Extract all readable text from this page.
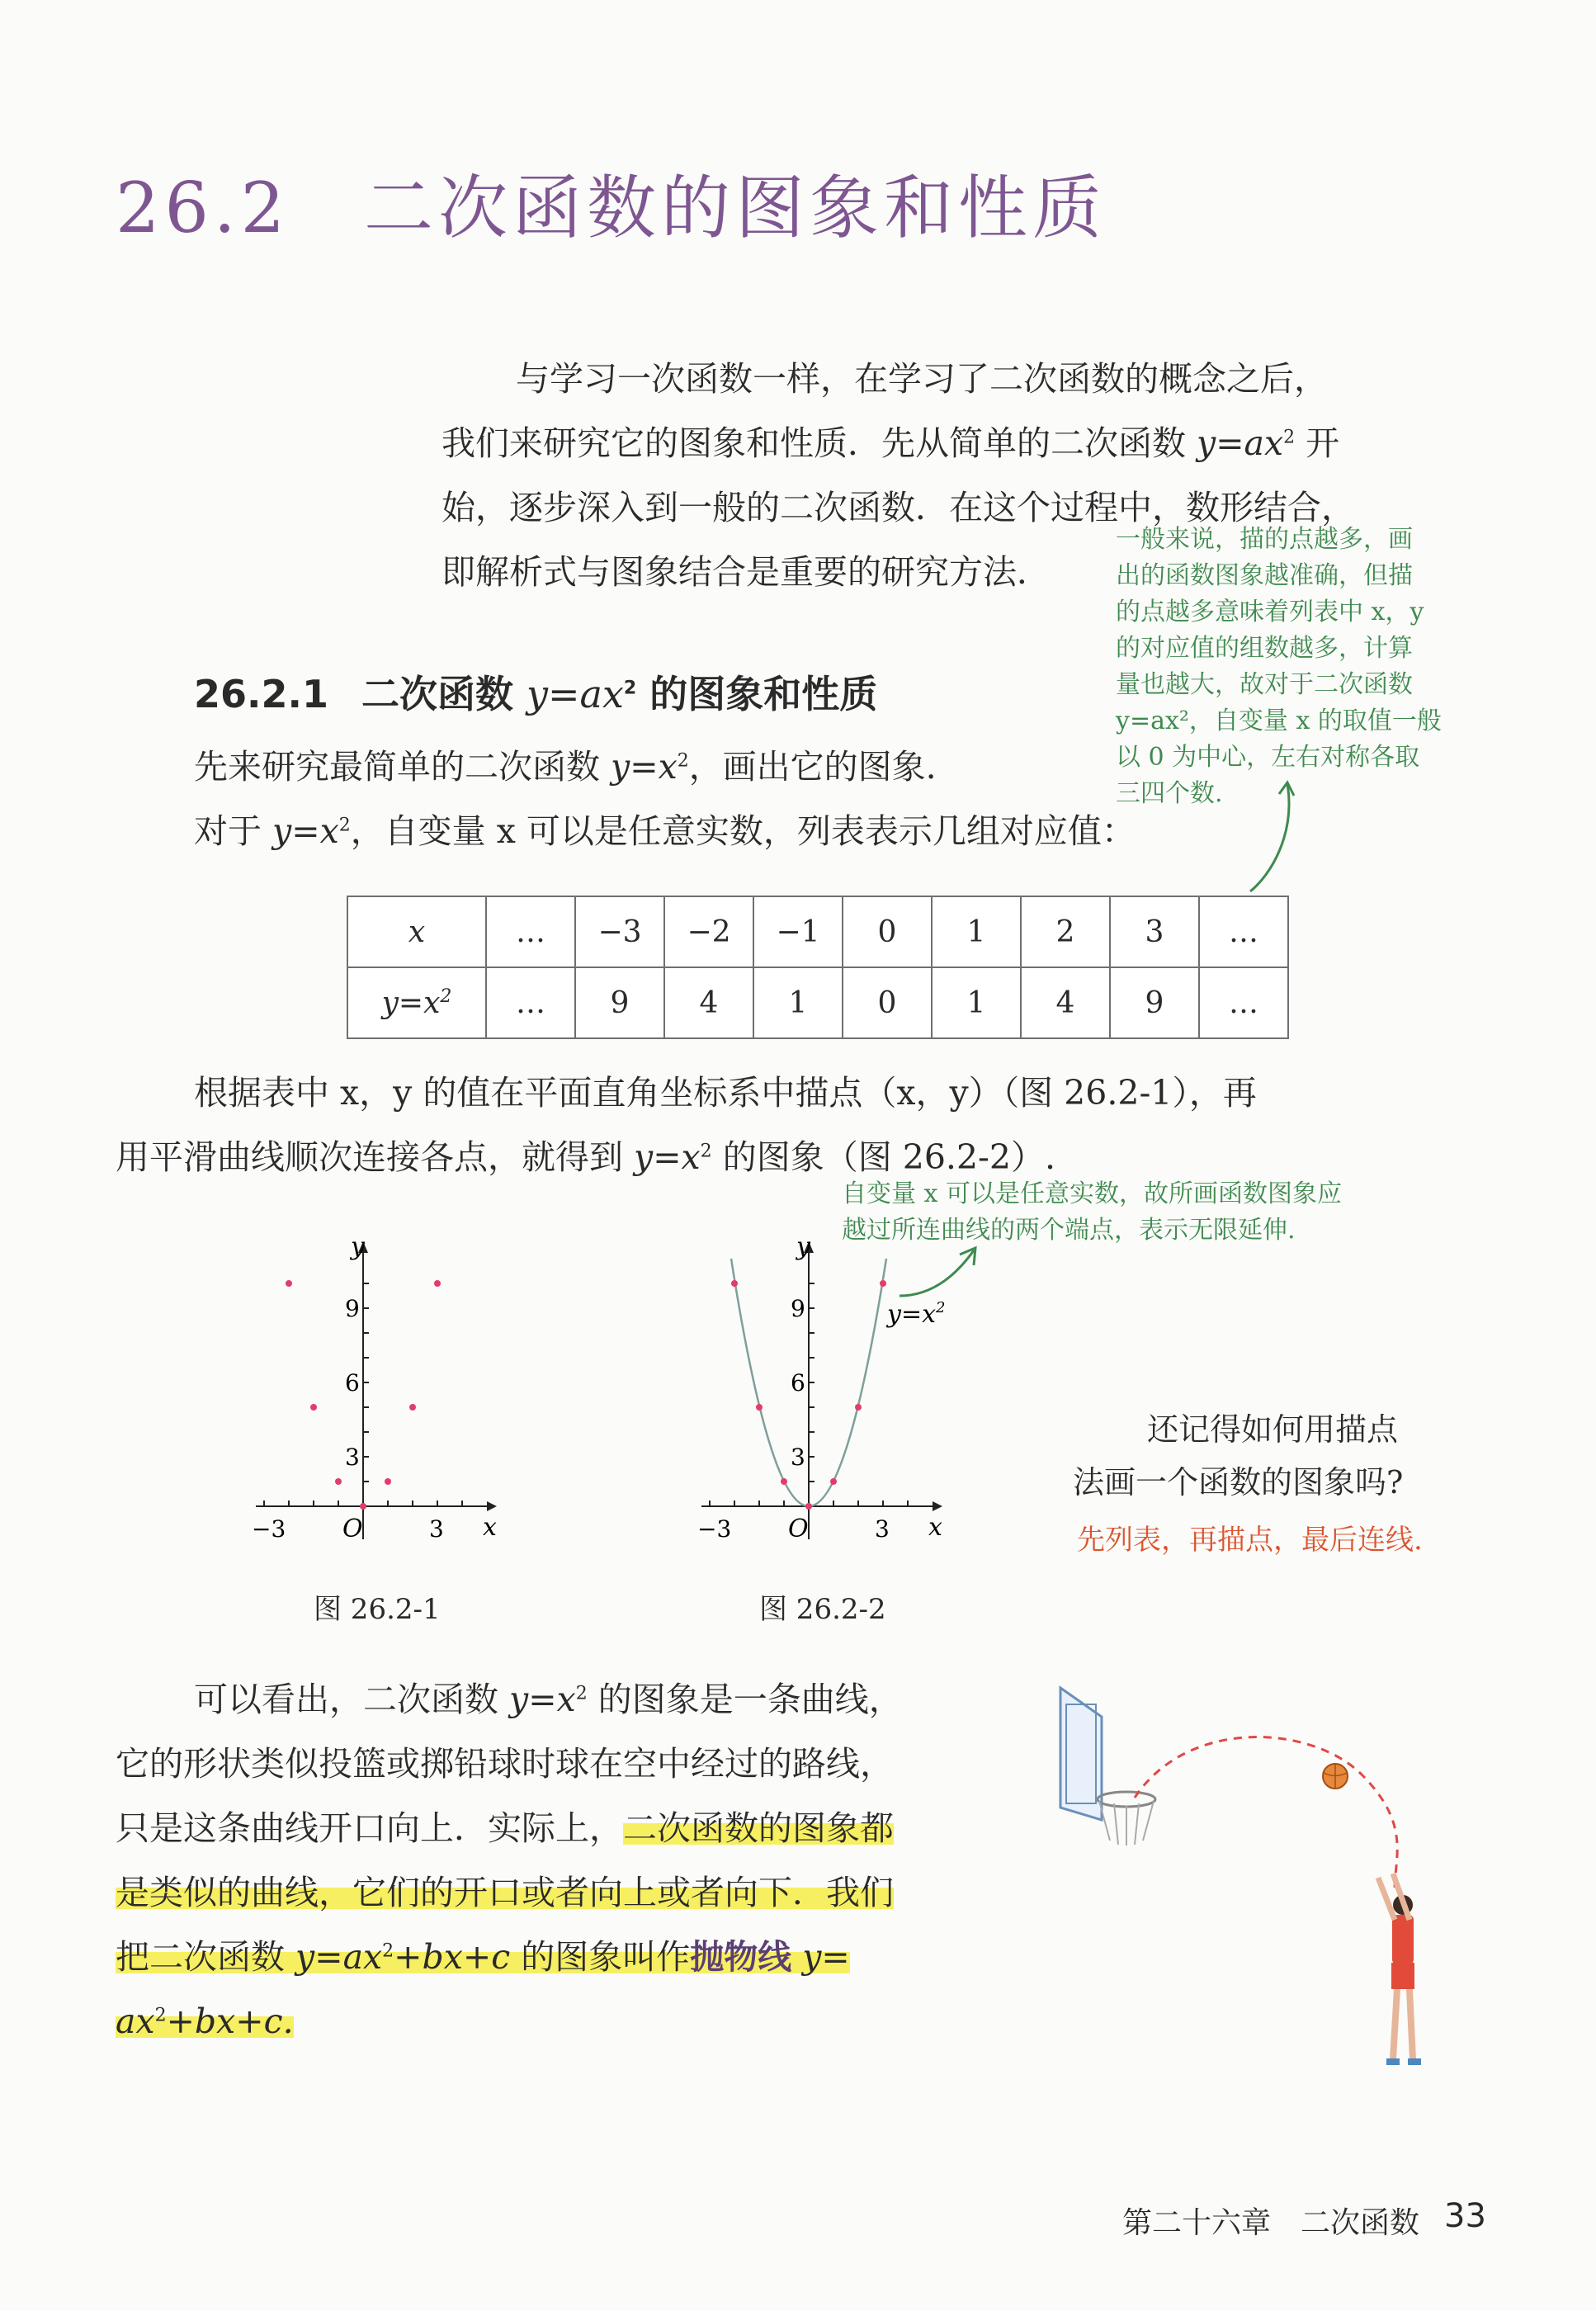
26.2 二次函数的图象和性质
与学习一次函数一样，在学习了二次函数的概念之后，
我们来研究它的图象和性质．先从简单的二次函数 $y=ax^2$ 开
始，逐步深入到一般的二次函数．在这个过程中，数形结合，
即解析式与图象结合是重要的研究方法．
一般来说，描的点越多，画
出的函数图象越准确，但描
的点越多意味着列表中 x，y
的对应值的组数越多，计算
量也越大，故对于二次函数
y=ax²，自变量 x 的取值一般
以 0 为中心，左右对称各取
三四个数.
26.2.1 二次函数 $y=ax^2$ 的图象和性质
先来研究最简单的二次函数 $y=x^2$，画出它的图象.
对于 $y=x^2$，自变量 x 可以是任意实数，列表表示几组对应值：
x	…	−3	−2	−1	0	1	2	3	…
$y=x^2$	…	9	4	1	0	1	4	9	…
根据表中 x，y 的值在平面直角坐标系中描点（x，y）（图 26.2-1），再
用平滑曲线顺次连接各点，就得到 $y=x^2$ 的图象（图 26.2-2）.
自变量 x 可以是任意实数，故所画函数图象应
越过所连曲线的两个端点，表示无限延伸.
y
x
O
−3	3
3
6
9
图 26.2-1
y
x
O
−3	3
3
6
9	$y=x^2$
图 26.2-2
还记得如何用描点
法画一个函数的图象吗?
先列表，再描点，最后连线.
可以看出，二次函数 $y=x^2$ 的图象是一条曲线，
它的形状类似投篮或掷铅球时球在空中经过的路线，
只是这条曲线开口向上．实际上，二次函数的图象都
是类似的曲线，它们的开口或者向上或者向下．我们
把二次函数 $y=ax^2+bx+c$ 的图象叫作抛物线 y=
$ax^2+bx+c$.
第二十六章　二次函数 33
